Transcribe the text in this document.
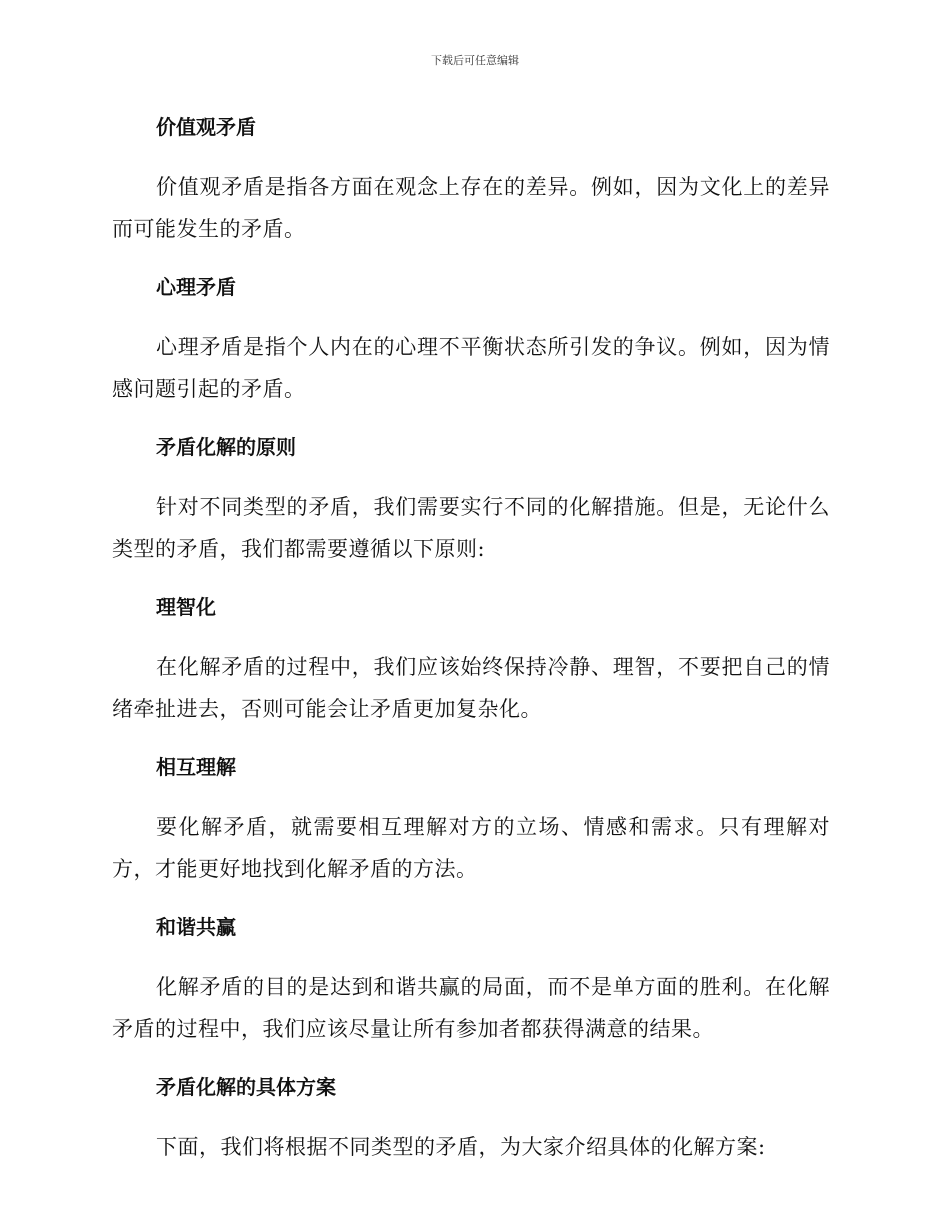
下载后可任意编辑
价值观矛盾

价值观矛盾是指各方面在观念上存在的差异。例如，因为文化上的差异而可能发生的矛盾。

心理矛盾

心理矛盾是指个人内在的心理不平衡状态所引发的争议。例如，因为情感问题引起的矛盾。

矛盾化解的原则

针对不同类型的矛盾，我们需要实行不同的化解措施。但是，无论什么类型的矛盾，我们都需要遵循以下原则:

理智化

在化解矛盾的过程中，我们应该始终保持冷静、理智，不要把自己的情绪牵扯进去，否则可能会让矛盾更加复杂化。

相互理解

要化解矛盾，就需要相互理解对方的立场、情感和需求。只有理解对方，才能更好地找到化解矛盾的方法。

和谐共赢

化解矛盾的目的是达到和谐共赢的局面，而不是单方面的胜利。在化解矛盾的过程中，我们应该尽量让所有参加者都获得满意的结果。

矛盾化解的具体方案

下面，我们将根据不同类型的矛盾，为大家介绍具体的化解方案:
